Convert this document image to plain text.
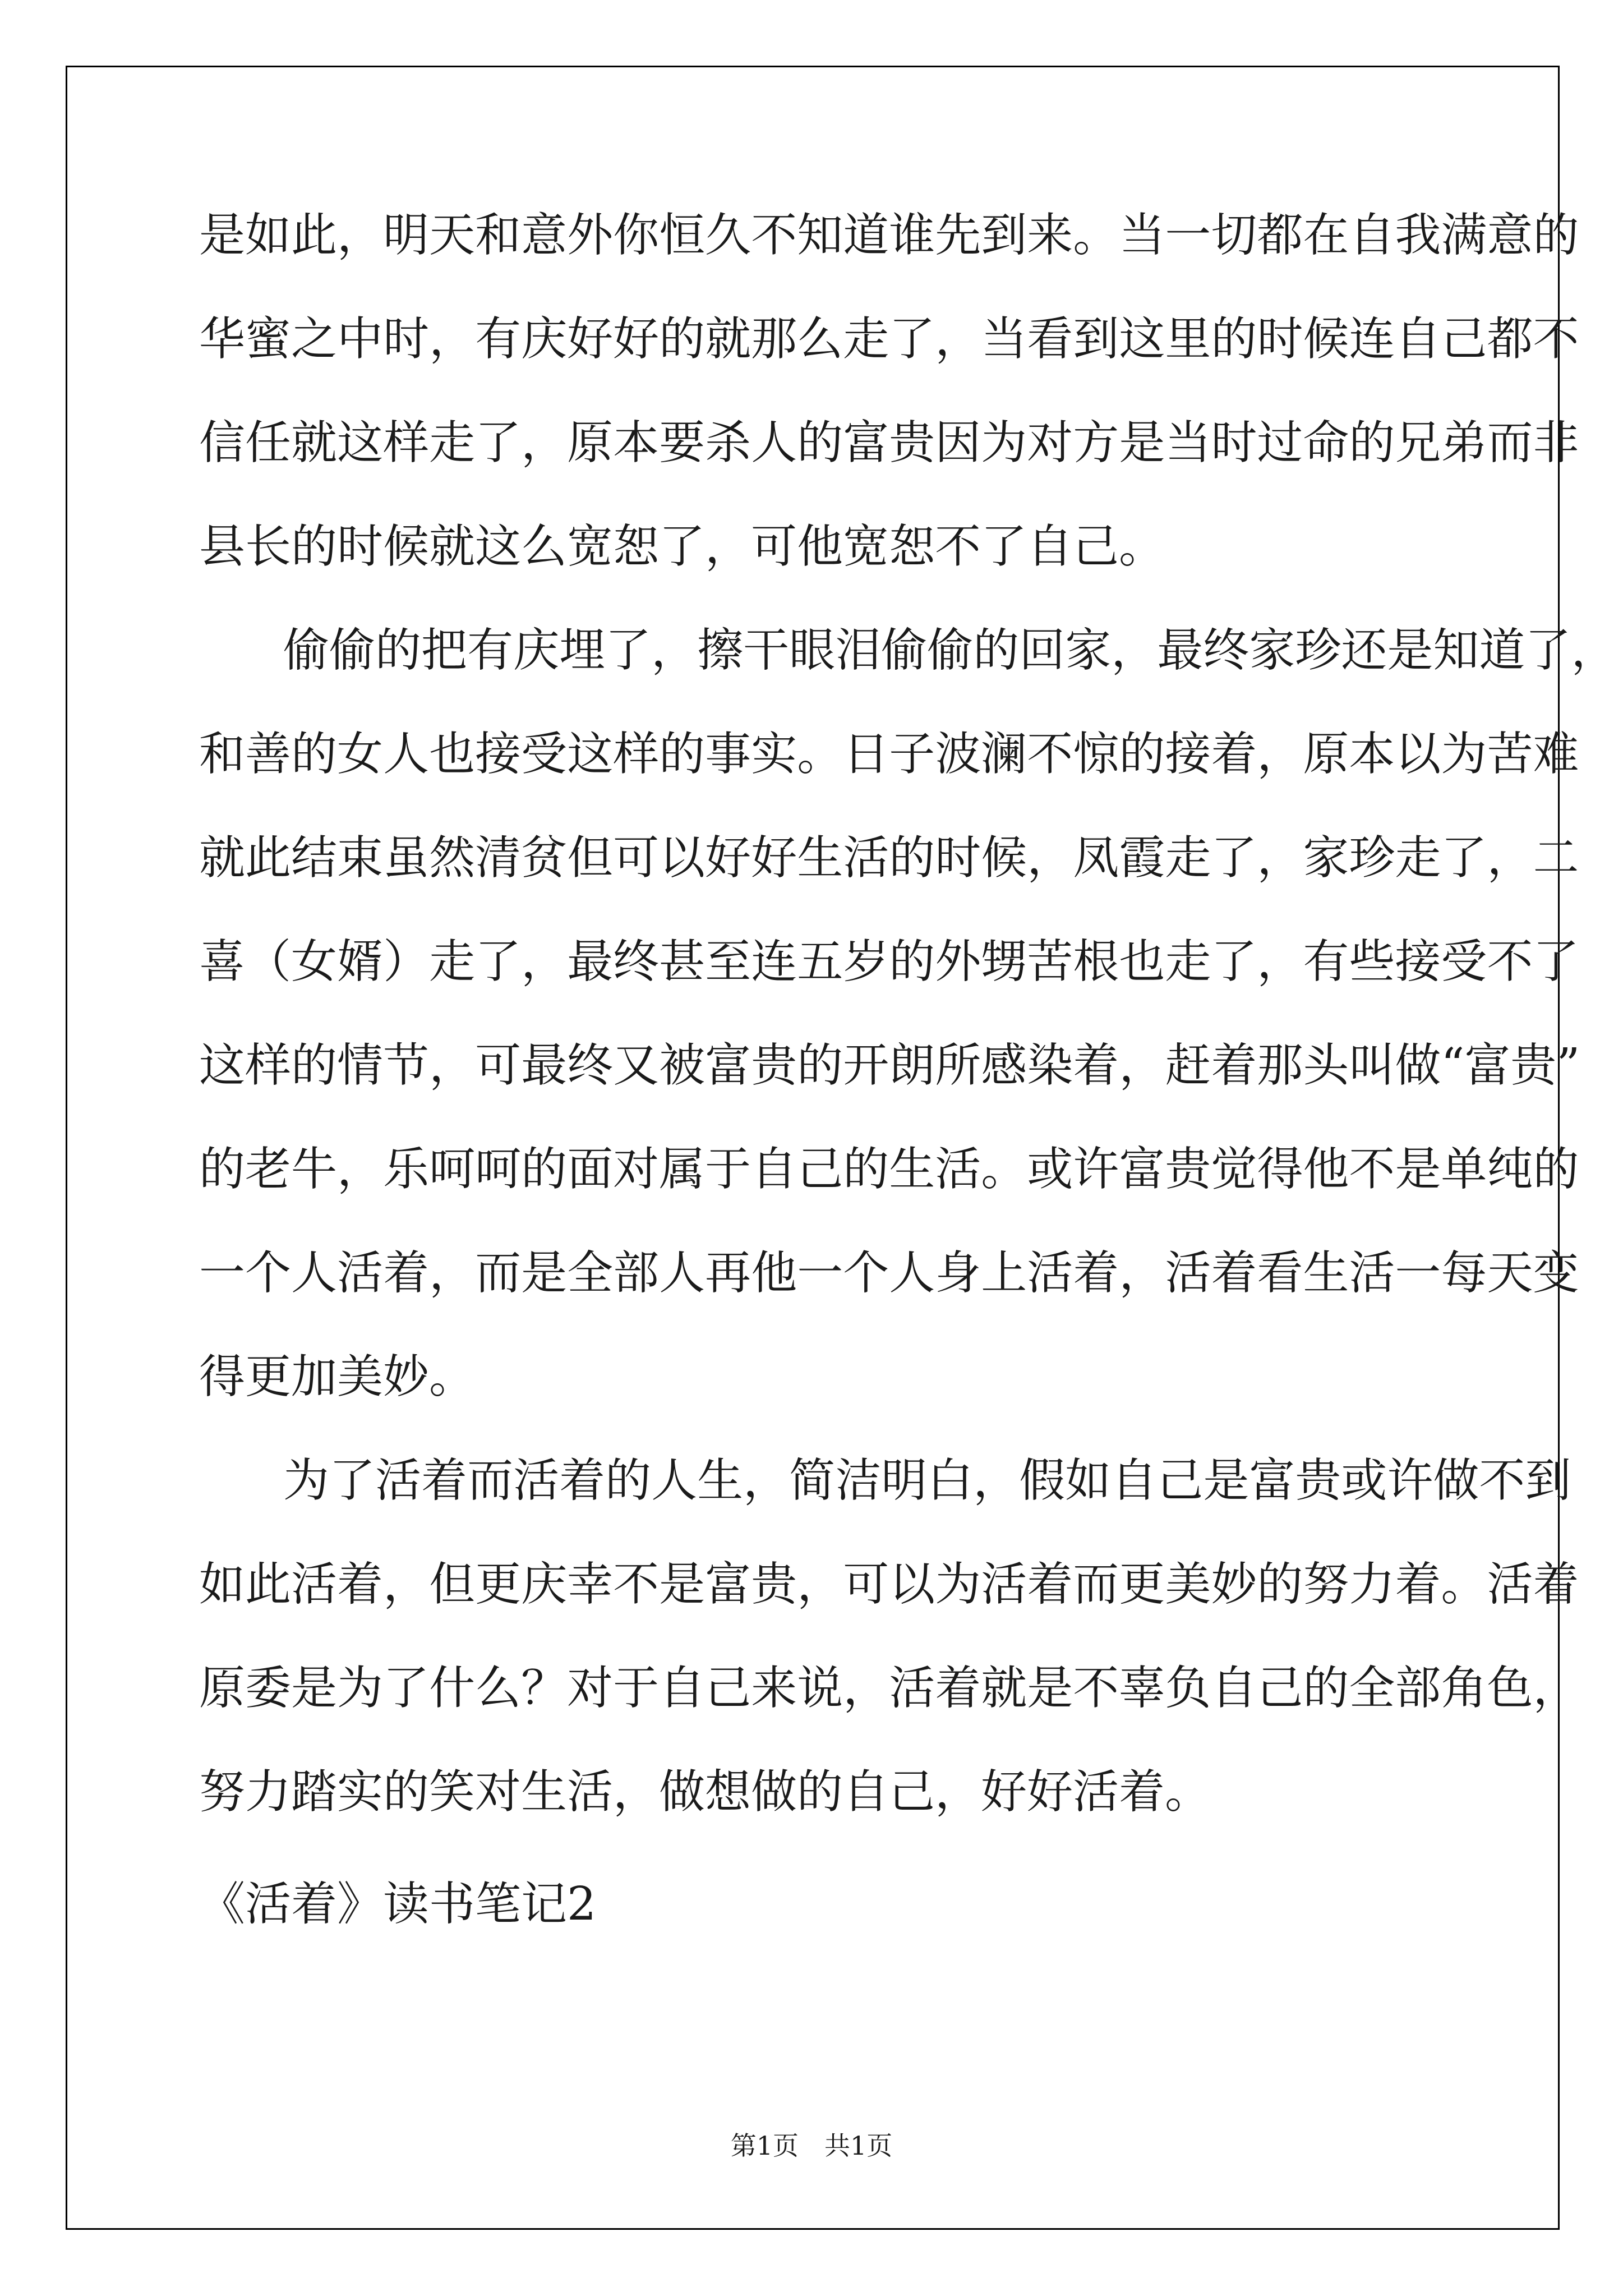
是 如 此 ， 明 天 和 意 外 你 恒 久 不 知 道 谁 先 到 来 。 当 一 切 都 在 自 我 满 意 的
华 蜜 之 中 时 ， 有 庆 好 好 的 就 那 么 走 了 ， 当 看 到 这 里 的 时 候 连 自 己 都 不
信 任 就 这 样 走 了 ， 原 本 要 杀 人 的 富 贵 因 为 对 方 是 当 时 过 命 的 兄 弟 而 非
县长的时候就这么宽恕了，可他宽恕不了自己。
偷 偷 的 把 有 庆 埋 了 ， 擦 干 眼 泪 偷 偷 的 回 家 ， 最 终 家 珍 还 是 知 道 了 ，
和 善 的 女 人 也 接 受 这 样 的 事 实 。 日 子 波 澜 不 惊 的 接 着 ， 原 本 以 为 苦 难
就 此 结 束 虽 然 清 贫 但 可 以 好 好 生 活 的 时 候 ， 凤 霞 走 了 ， 家 珍 走 了 ， 二
喜 （ 女 婿 ） 走 了 ， 最 终 甚 至 连 五 岁 的 外 甥 苦 根 也 走 了 ， 有 些 接 受 不 了
这 样 的 情 节 ， 可 最 终 又 被 富 贵 的 开 朗 所 感 染 着 ， 赶 着 那 头 叫 做 “ 富 贵 ”
的 老 牛 ， 乐 呵 呵 的 面 对 属 于 自 己 的 生 活 。 或 许 富 贵 觉 得 他 不 是 单 纯 的
一 个 人 活 着 ， 而 是 全 部 人 再 他 一 个 人 身 上 活 着 ， 活 着 看 生 活 一 每 天 变
得更加美妙。
为 了 活 着 而 活 着 的 人 生 ， 简 洁 明 白 ， 假 如 自 己 是 富 贵 或 许 做 不 到
如 此 活 着 ， 但 更 庆 幸 不 是 富 贵 ， 可 以 为 活 着 而 更 美 妙 的 努 力 着 。 活 着
原 委 是 为 了 什 么 ？ 对 于 自 己 来 说 ， 活 着 就 是 不 辜 负 自 己 的 全 部 角 色 ，
努力踏实的笑对生活，做想做的自己，好好活着。
《活着》读书笔记2
第1页　共1页
